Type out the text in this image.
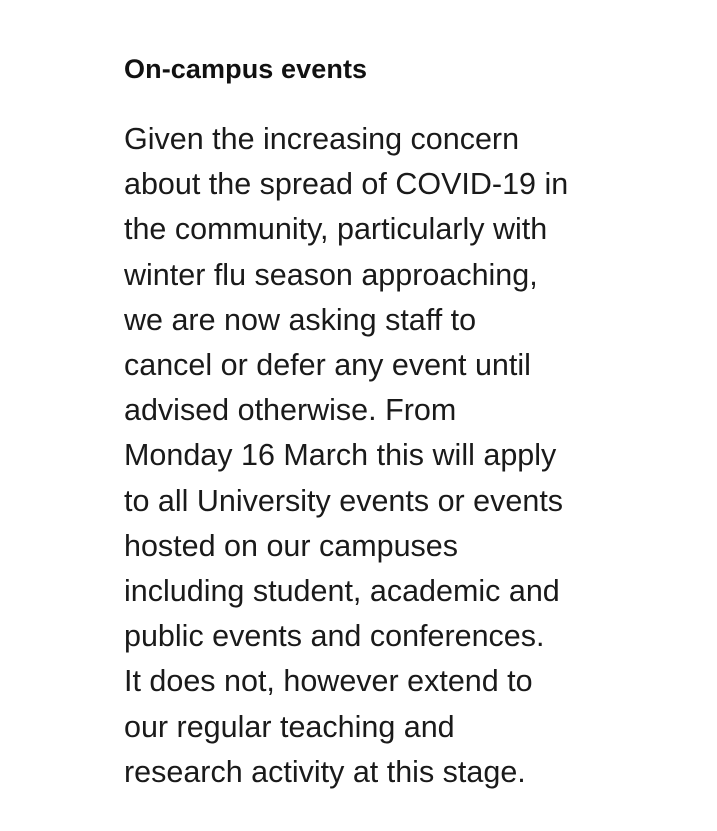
On-campus events

Given the increasing concern
about the spread of COVID-19 in
the community, particularly with
winter flu season approaching,
we are now asking staff to
cancel or defer any event until
advised otherwise. From
Monday 16 March this will apply
to all University events or events
hosted on our campuses
including student, academic and
public events and conferences.
It does not, however extend to
our regular teaching and
research activity at this stage.
